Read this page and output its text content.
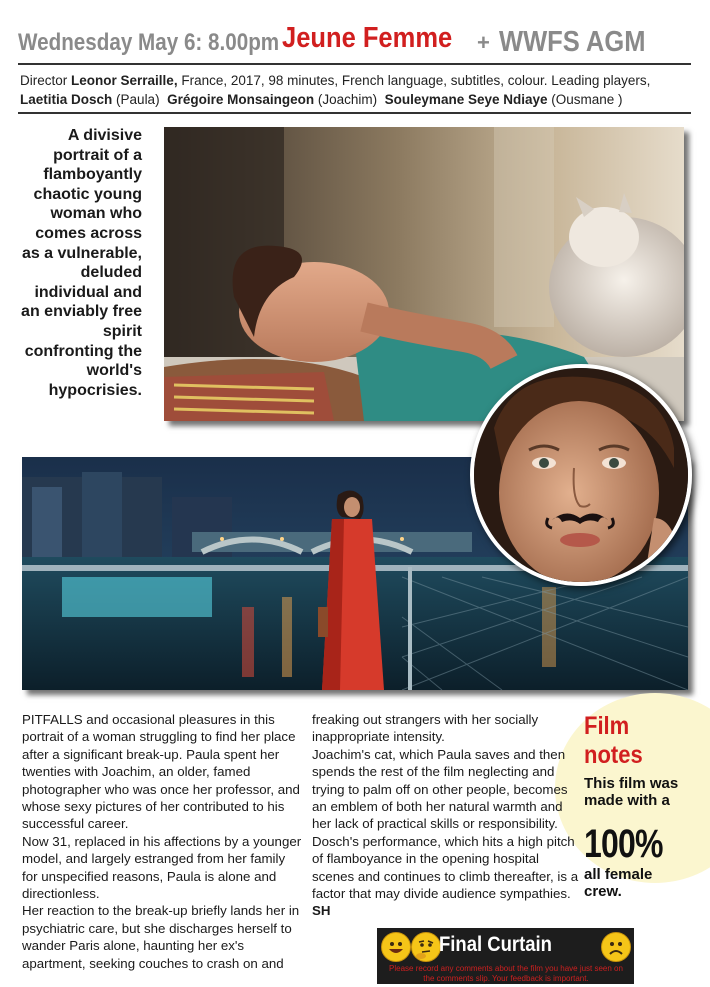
Wednesday May 6: 8.00pm Jeune Femme + WWFS AGM
Director Leonor Serraille, France, 2017, 98 minutes, French language, subtitles, colour. Leading players,
Laetitia Dosch (Paula) Grégoire Monsaingeon (Joachim) Souleymane Seye Ndiaye (Ousmane )
A divisive portrait of a flamboyantly chaotic young woman who comes across as a vulnerable, deluded individual and an enviably free spirit confronting the world's hypocrisies.

PITFALLS and occasional pleasures in this portrait of a woman struggling to find her place after a significant break-up. Paula spent her twenties with Joachim, an older, famed photographer who was once her professor, and whose sexy pictures of her contributed to his successful career.

Now 31, replaced in his affections by a younger model, and largely estranged from her family for unspecified reasons, Paula is alone and directionless.

Her reaction to the break-up briefly lands her in psychiatric care, but she discharges herself to wander Paris alone, haunting her ex's apartment, seeking couches to crash on and

freaking out strangers with her socially inappropriate intensity.

Joachim's cat, which Paula saves and then spends the rest of the film neglecting and trying to palm off on other people, becomes an emblem of both her natural warmth and her lack of practical skills or responsibility.

Dosch's performance, which hits a high pitch of flamboyance in the opening hospital scenes and continues to climb thereafter, is a factor that may divide audience sympathies.

SH

Film
notes
This film was made with a
100%
all female crew.
Final Curtain
Please record any comments about the film you have just seen on the comments slip. Your feedback is important.
